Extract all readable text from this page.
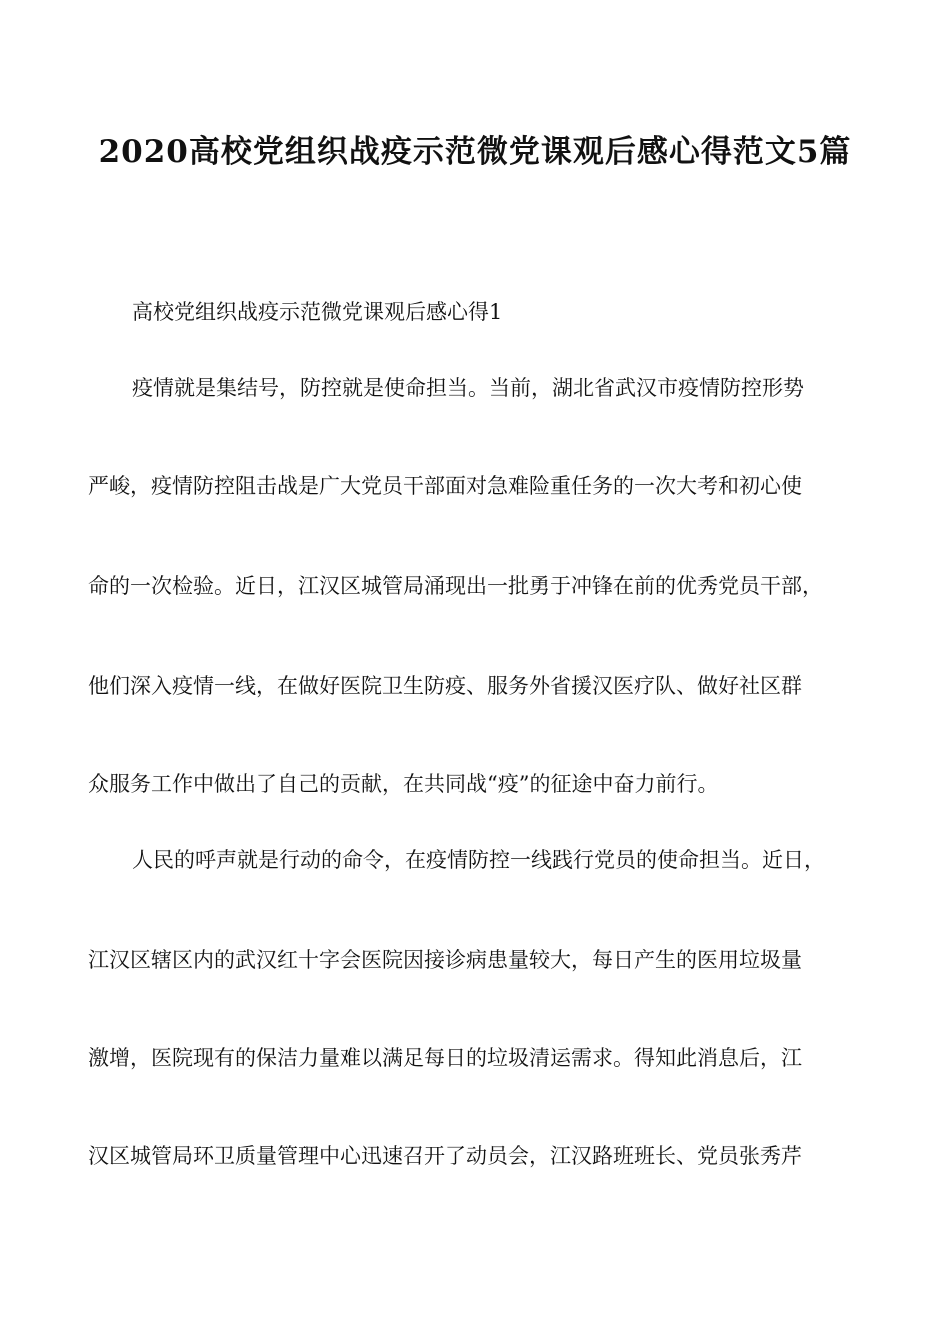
2020高校党组织战疫示范微党课观后感心得范文5篇
高校党组织战疫示范微党课观后感心得1
疫情就是集结号，防控就是使命担当。当前，湖北省武汉市疫情防控形势
严峻，疫情防控阻击战是广大党员干部面对急难险重任务的一次大考和初心使
命的一次检验。近日，江汉区城管局涌现出一批勇于冲锋在前的优秀党员干部，
他们深入疫情一线，在做好医院卫生防疫、服务外省援汉医疗队、做好社区群
众服务工作中做出了自己的贡献，在共同战“疫”的征途中奋力前行。
人民的呼声就是行动的命令，在疫情防控一线践行党员的使命担当。近日，
江汉区辖区内的武汉红十字会医院因接诊病患量较大，每日产生的医用垃圾量
激增，医院现有的保洁力量难以满足每日的垃圾清运需求。得知此消息后，江
汉区城管局环卫质量管理中心迅速召开了动员会，江汉路班班长、党员张秀芹
